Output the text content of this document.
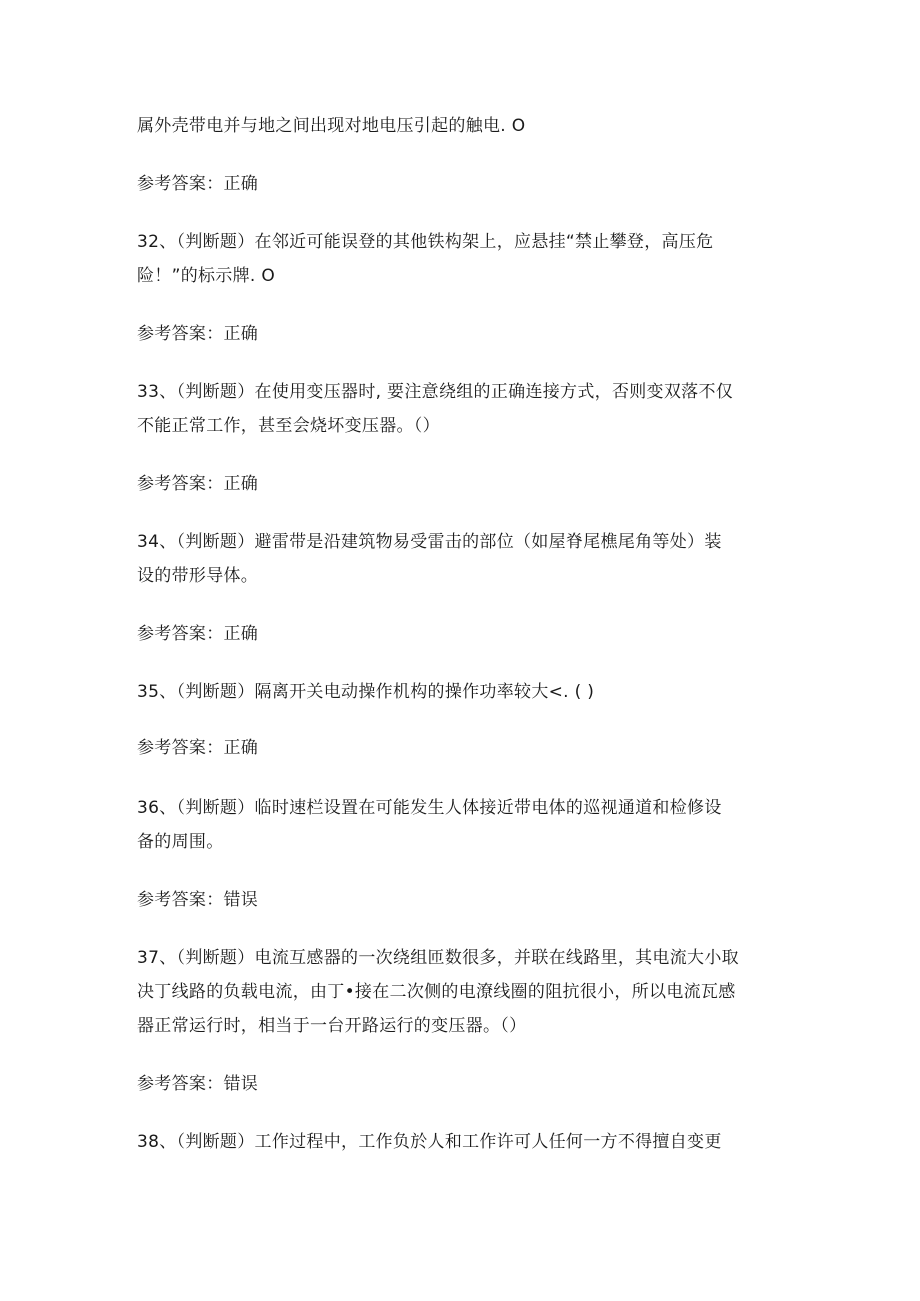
属外壳带电并与地之间出现对地电压引起的触电. O
参考答案：正确
32、（判断题）在邻近可能误登的其他铁构架上，应悬挂“禁止攀登，高压危
险！”的标示牌. O
参考答案：正确
33、（判断题）在使用变压器时, 要注意绕组的正确连接方式，否则变双落不仅
不能正常工作，甚至会烧坏变压器。（）
参考答案：正确
34、（判断题）避雷带是沿建筑物易受雷击的部位（如屋脊尾樵尾角等处）装
设的带形导体。
参考答案：正确
35、（判断题）隔离开关电动操作机构的操作功率较大<. ( )
参考答案：正确
36、（判断题）临时速栏设置在可能发生人体接近带电体的巡视通道和检修设
备的周围。
参考答案：错误
37、（判断题）电流互感器的一次绕组匝数很多，并联在线路里，其电流大小取
决丁线路的负载电流，由丁•接在二次侧的电潦线圈的阻抗很小，所以电流瓦感
器正常运行时，相当于一台开路运行的变压器。（）
参考答案：错误
38、（判断题）工作过程中，工作负於人和工作许可人任何一方不得擅自变更
